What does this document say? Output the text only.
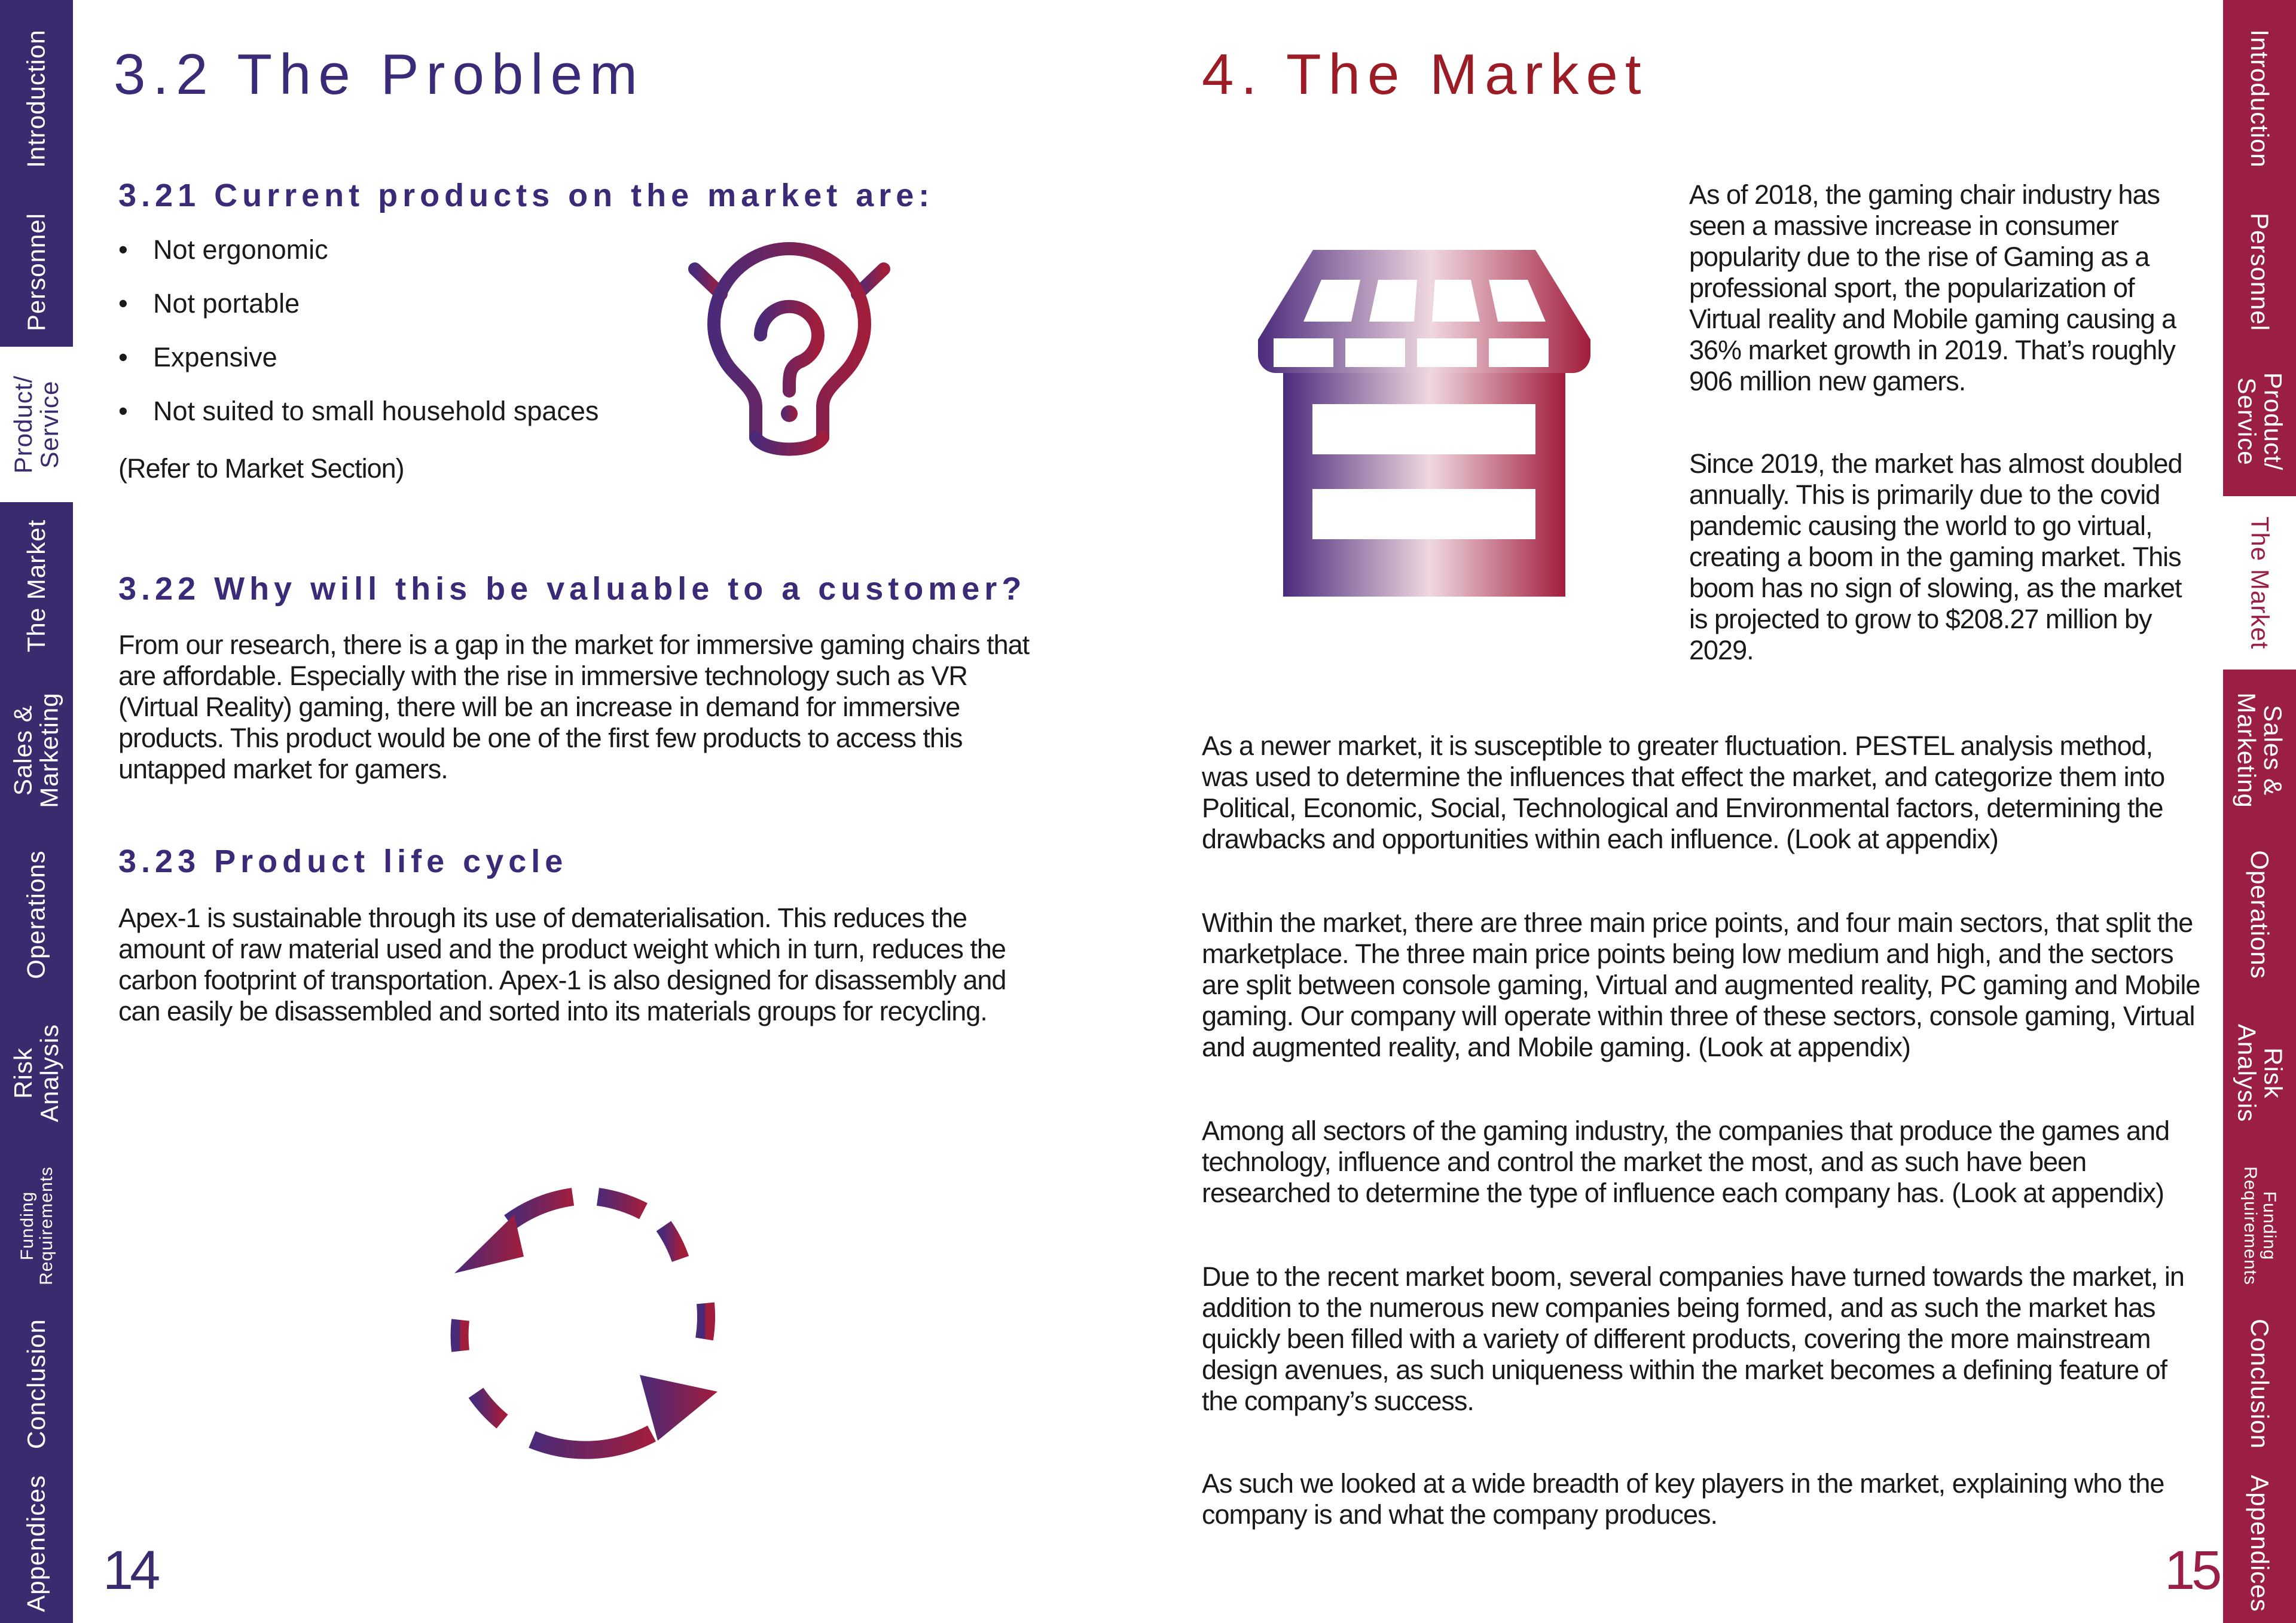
Introduction
Personnel
Product/
Service
The Market
Sales &
Marketing
Operations
Risk
Analysis
Funding
Requirements
Conclusion
Appendices
Introduction
Personnel
Product/
Service
The Market
Sales &
Marketing
Operations
Risk
Analysis
Funding
Requirements
Conclusion
Appendices
3.2 The Problem
3.21 Current products on the market are:
• Not ergonomic
• Not portable
• Expensive
• Not suited to small household spaces

(Refer to Market Section)

3.22 Why will this be valuable to a customer?

From our research, there is a gap in the market for immersive gaming chairs that are affordable. Especially with the rise in immersive technology such as VR (Virtual Reality) gaming, there will be an increase in demand for immersive products. This product would be one of the first few products to access this untapped market for gamers.

3.23 Product life cycle

Apex-1 is sustainable through its use of dematerialisation. This reduces the amount of raw material used and the product weight which in turn, reduces the carbon footprint of transportation. Apex-1 is also designed for disassembly and can easily be disassembled and sorted into its materials groups for recycling.

14
4. The Market

As of 2018, the gaming chair industry has seen a massive increase in consumer popularity due to the rise of Gaming as a professional sport, the popularization of Virtual reality and Mobile gaming causing a 36% market growth in 2019. That’s roughly 906 million new gamers.

Since 2019, the market has almost doubled annually. This is primarily due to the covid pandemic causing the world to go virtual, creating a boom in the gaming market. This boom has no sign of slowing, as the market is projected to grow to $208.27 million by 2029.

As a newer market, it is susceptible to greater fluctuation. PESTEL analysis method, was used to determine the influences that effect the market, and categorize them into Political, Economic, Social, Technological and Environmental factors, determining the drawbacks and opportunities within each influence. (Look at appendix)

Within the market, there are three main price points, and four main sectors, that split the marketplace. The three main price points being low medium and high, and the sectors are split between console gaming, Virtual and augmented reality, PC gaming and Mobile gaming. Our company will operate within three of these sectors, console gaming, Virtual and augmented reality, and Mobile gaming. (Look at appendix)

Among all sectors of the gaming industry, the companies that produce the games and technology, influence and control the market the most, and as such have been researched to determine the type of influence each company has. (Look at appendix)

Due to the recent market boom, several companies have turned towards the market, in addition to the numerous new companies being formed, and as such the market has quickly been filled with a variety of different products, covering the more mainstream design avenues, as such uniqueness within the market becomes a defining feature of the company’s success.

As such we looked at a wide breadth of key players in the market, explaining who the company is and what the company produces.

15
